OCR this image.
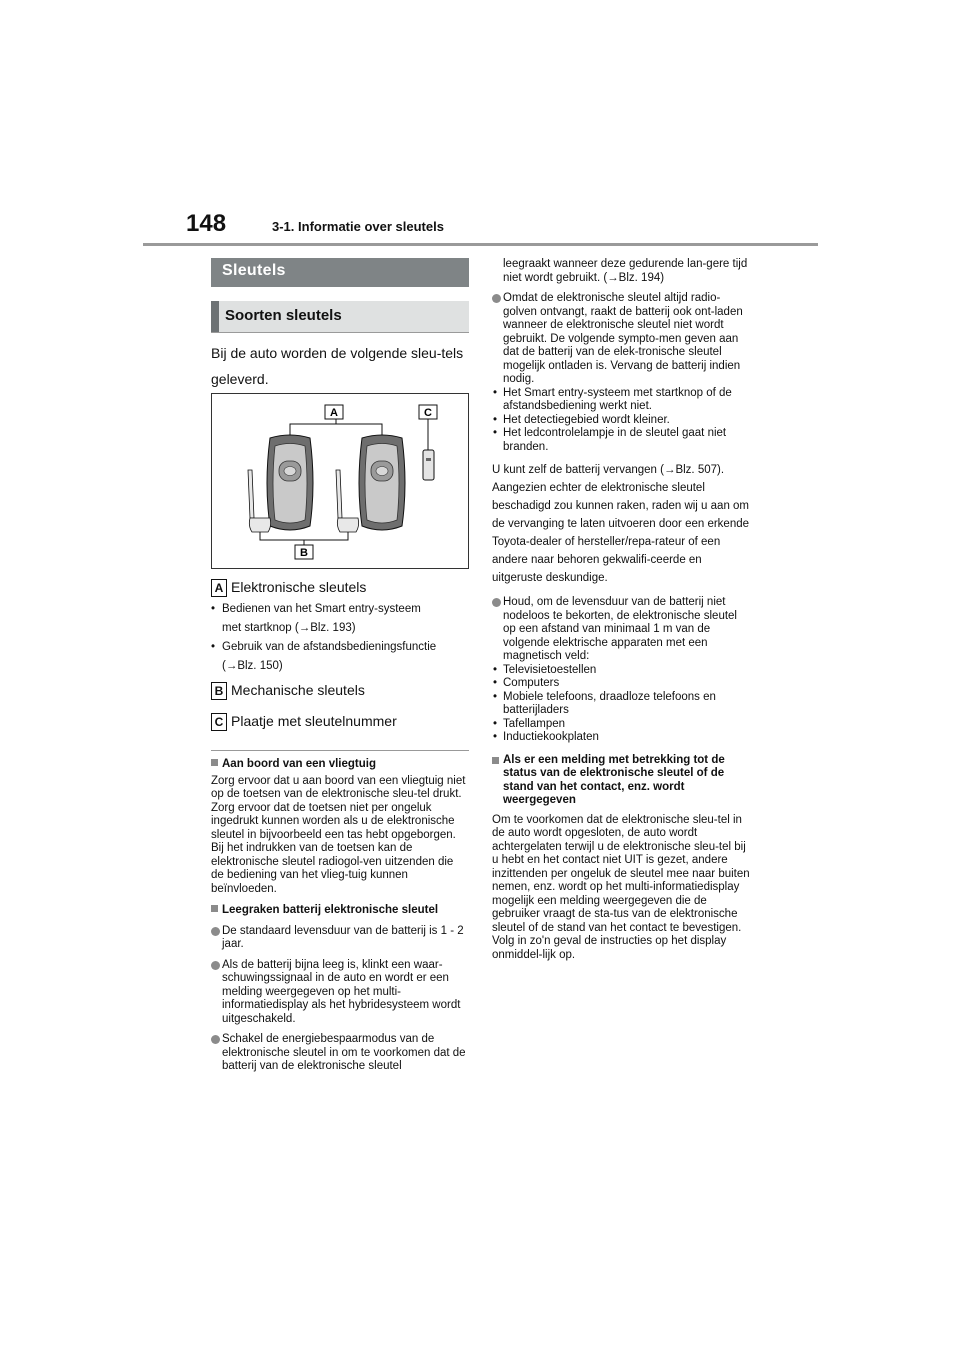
148	3-1. Informatie over sleutels
Sleutels
Soorten sleutels
Bij de auto worden de volgende sleu-tels geleverd.
A	C
B
A Elektronische sleutels
• Bedienen van het Smart entry-systeem
met startknop (→Blz. 193)
• Gebruik van de afstandsbedieningsfunctie
(→Blz. 150)
B Mechanische sleutels
C Plaatje met sleutelnummer
Aan boord van een vliegtuig
Zorg ervoor dat u aan boord van een vliegtuig niet op de toetsen van de elektronische sleu-tel drukt. Zorg ervoor dat de toetsen niet per ongeluk ingedrukt kunnen worden als u de elektronische sleutel in bijvoorbeeld een tas hebt opgeborgen. Bij het indrukken van de toetsen kan de elektronische sleutel radiogol-ven uitzenden die de bediening van het vlieg-tuig kunnen beïnvloeden.
Leegraken batterij elektronische sleutel
De standaard levensduur van de batterij is 1 - 2 jaar.
Als de batterij bijna leeg is, klinkt een waar-schuwingssignaal in de auto en wordt er een melding weergegeven op het multi-informatiedisplay als het hybridesysteem wordt uitgeschakeld.
Schakel de energiebespaarmodus van de elektronische sleutel in om te voorkomen dat de batterij van de elektronische sleutel
leegraakt wanneer deze gedurende lan-gere tijd niet wordt gebruikt. (→Blz. 194)
Omdat de elektronische sleutel altijd radio-golven ontvangt, raakt de batterij ook ont-laden wanneer de elektronische sleutel niet wordt gebruikt. De volgende sympto-men geven aan dat de batterij van de elek-tronische sleutel mogelijk ontladen is. Vervang de batterij indien nodig.
• Het Smart entry-systeem met startknop of de afstandsbediening werkt niet.
• Het detectiegebied wordt kleiner.
• Het ledcontrolelampje in de sleutel gaat niet branden.
U kunt zelf de batterij vervangen (→Blz. 507). Aangezien echter de elektronische sleutel beschadigd zou kunnen raken, raden wij u aan om de vervanging te laten uitvoeren door een erkende Toyota-dealer of hersteller/repa-rateur of een andere naar behoren gekwalifi-ceerde en uitgeruste deskundige.
Houd, om de levensduur van de batterij niet nodeloos te bekorten, de elektronische sleutel op een afstand van minimaal 1 m van de volgende elektrische apparaten met een magnetisch veld:
• Televisietoestellen
• Computers
• Mobiele telefoons, draadloze telefoons en batterijladers
• Tafellampen
• Inductiekookplaten
Als er een melding met betrekking tot de status van de elektronische sleutel of de stand van het contact, enz. wordt weergegeven
Om te voorkomen dat de elektronische sleu-tel in de auto wordt opgesloten, de auto wordt achtergelaten terwijl u de elektronische sleu-tel bij u hebt en het contact niet UIT is gezet, andere inzittenden per ongeluk de sleutel mee naar buiten nemen, enz. wordt op het multi-informatiedisplay mogelijk een melding weergegeven die de gebruiker vraagt de sta-tus van de elektronische sleutel of de stand van het contact te bevestigen. Volg in zo'n geval de instructies op het display onmiddel-lijk op.
